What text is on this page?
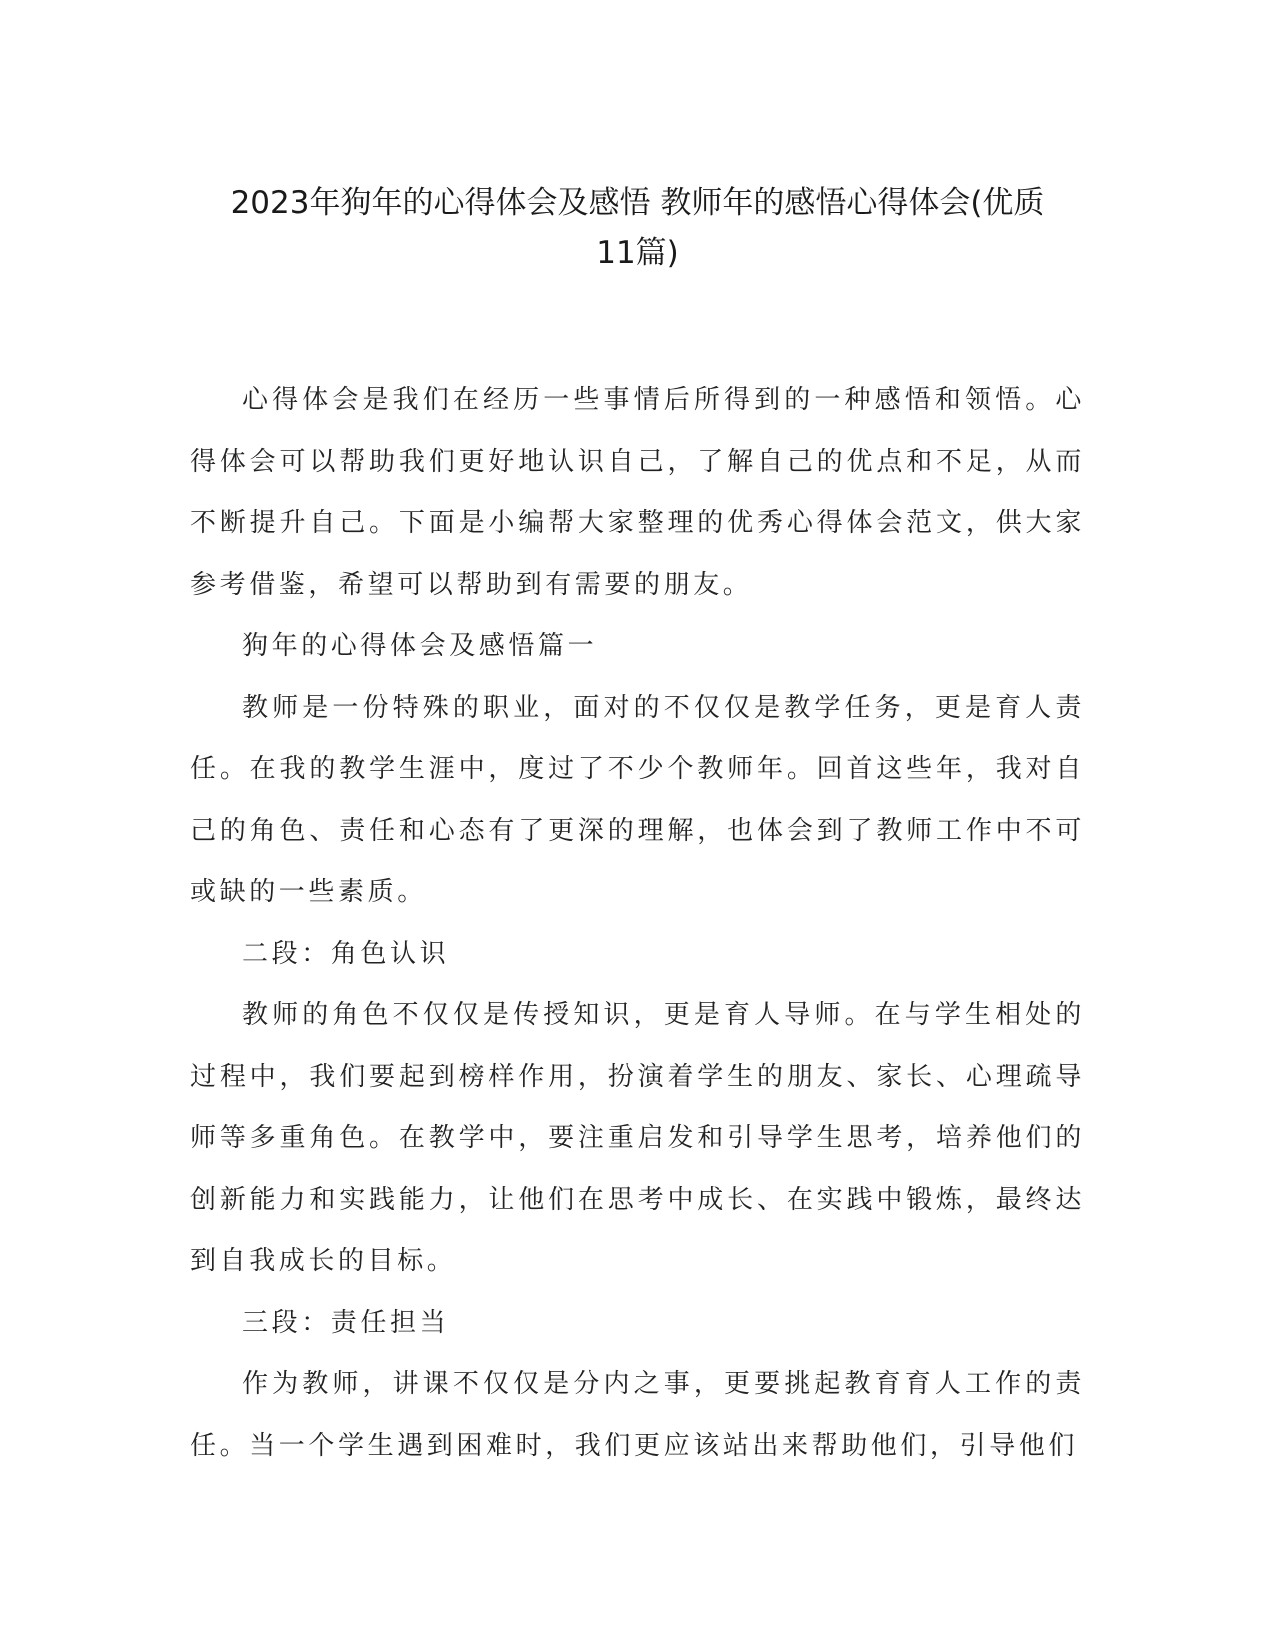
2023年狗年的心得体会及感悟 教师年的感悟心得体会(优质
11篇)

心得体会是我们在经历一些事情后所得到的一种感悟和领悟。心得体会可以帮助我们更好地认识自己，了解自己的优点和不足，从而不断提升自己。下面是小编帮大家整理的优秀心得体会范文，供大家参考借鉴，希望可以帮助到有需要的朋友。

狗年的心得体会及感悟篇一

教师是一份特殊的职业，面对的不仅仅是教学任务，更是育人责任。在我的教学生涯中，度过了不少个教师年。回首这些年，我对自己的角色、责任和心态有了更深的理解，也体会到了教师工作中不可或缺的一些素质。

二段：角色认识

教师的角色不仅仅是传授知识，更是育人导师。在与学生相处的过程中，我们要起到榜样作用，扮演着学生的朋友、家长、心理疏导师等多重角色。在教学中，要注重启发和引导学生思考，培养他们的创新能力和实践能力，让他们在思考中成长、在实践中锻炼，最终达到自我成长的目标。

三段：责任担当

作为教师，讲课不仅仅是分内之事，更要挑起教育育人工作的责任。当一个学生遇到困难时，我们更应该站出来帮助他们，引导他们
